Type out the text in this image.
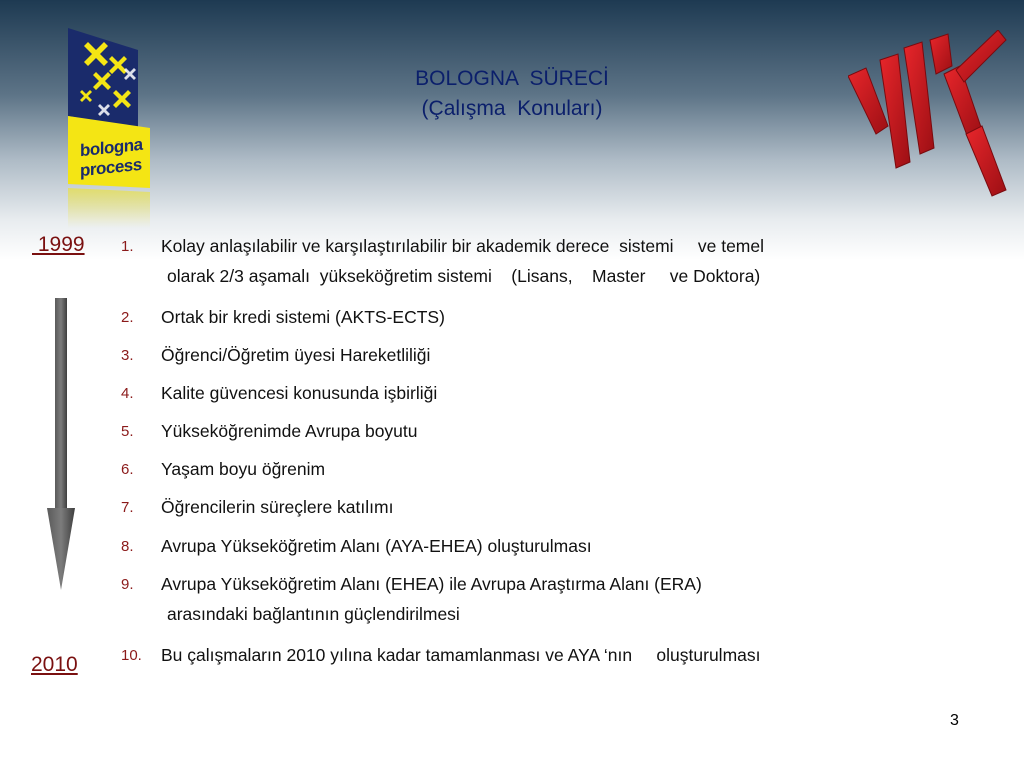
bologna
process
BOLOGNA  SÜRECİ
(Çalışma  Konuları)
1999
2010
1. Kolay anlaşılabilir ve karşılaştırılabilir bir akademik derece  sistemi     ve temel
olarak 2/3 aşamalı  yükseköğretim sistemi    (Lisans,    Master     ve Doktora)
2. Ortak bir kredi sistemi (AKTS-ECTS)
3. Öğrenci/Öğretim üyesi Hareketliliği
4. Kalite güvencesi konusunda işbirliği
5. Yükseköğrenimde Avrupa boyutu
6. Yaşam boyu öğrenim
7. Öğrencilerin süreçlere katılımı
8. Avrupa Yükseköğretim Alanı (AYA-EHEA) oluşturulması
9. Avrupa Yükseköğretim Alanı (EHEA) ile Avrupa Araştırma Alanı (ERA)
arasındaki bağlantının güçlendirilmesi
10. Bu çalışmaların 2010 yılına kadar tamamlanması ve AYA ‘nın     oluşturulması
3
